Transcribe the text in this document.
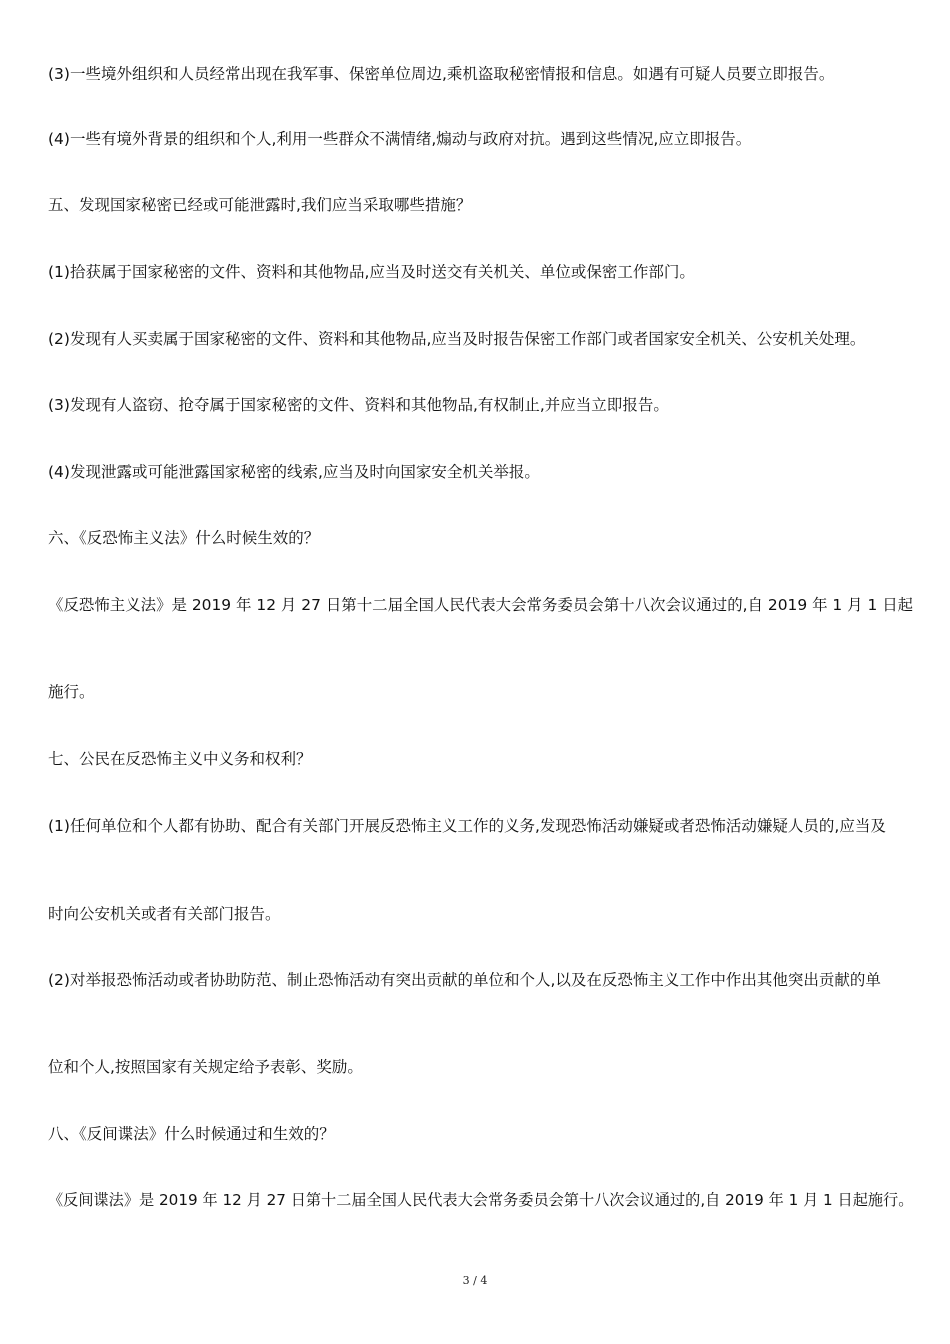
(3)一些境外组织和人员经常出现在我军事、保密单位周边,乘机盗取秘密情报和信息。如遇有可疑人员要立即报告。
(4)一些有境外背景的组织和个人,利用一些群众不满情绪,煽动与政府对抗。遇到这些情况,应立即报告。
五、发现国家秘密已经或可能泄露时,我们应当采取哪些措施？
(1)拾获属于国家秘密的文件、资料和其他物品,应当及时送交有关机关、单位或保密工作部门。
(2)发现有人买卖属于国家秘密的文件、资料和其他物品,应当及时报告保密工作部门或者国家安全机关、公安机关处理。
(3)发现有人盗窃、抢夺属于国家秘密的文件、资料和其他物品,有权制止,并应当立即报告。
(4)发现泄露或可能泄露国家秘密的线索,应当及时向国家安全机关举报。
六、《反恐怖主义法》什么时候生效的？
《反恐怖主义法》是 2019 年 12 月 27 日第十二届全国人民代表大会常务委员会第十八次会议通过的,自 2019 年 1 月 1 日起
施行。
七、公民在反恐怖主义中义务和权利？
(1)任何单位和个人都有协助、配合有关部门开展反恐怖主义工作的义务,发现恐怖活动嫌疑或者恐怖活动嫌疑人员的,应当及
时向公安机关或者有关部门报告。
(2)对举报恐怖活动或者协助防范、制止恐怖活动有突出贡献的单位和个人,以及在反恐怖主义工作中作出其他突出贡献的单
位和个人,按照国家有关规定给予表彰、奖励。
八、《反间谍法》什么时候通过和生效的？
《反间谍法》是 2019 年 12 月 27 日第十二届全国人民代表大会常务委员会第十八次会议通过的,自 2019 年 1 月 1 日起施行。
3 / 4
